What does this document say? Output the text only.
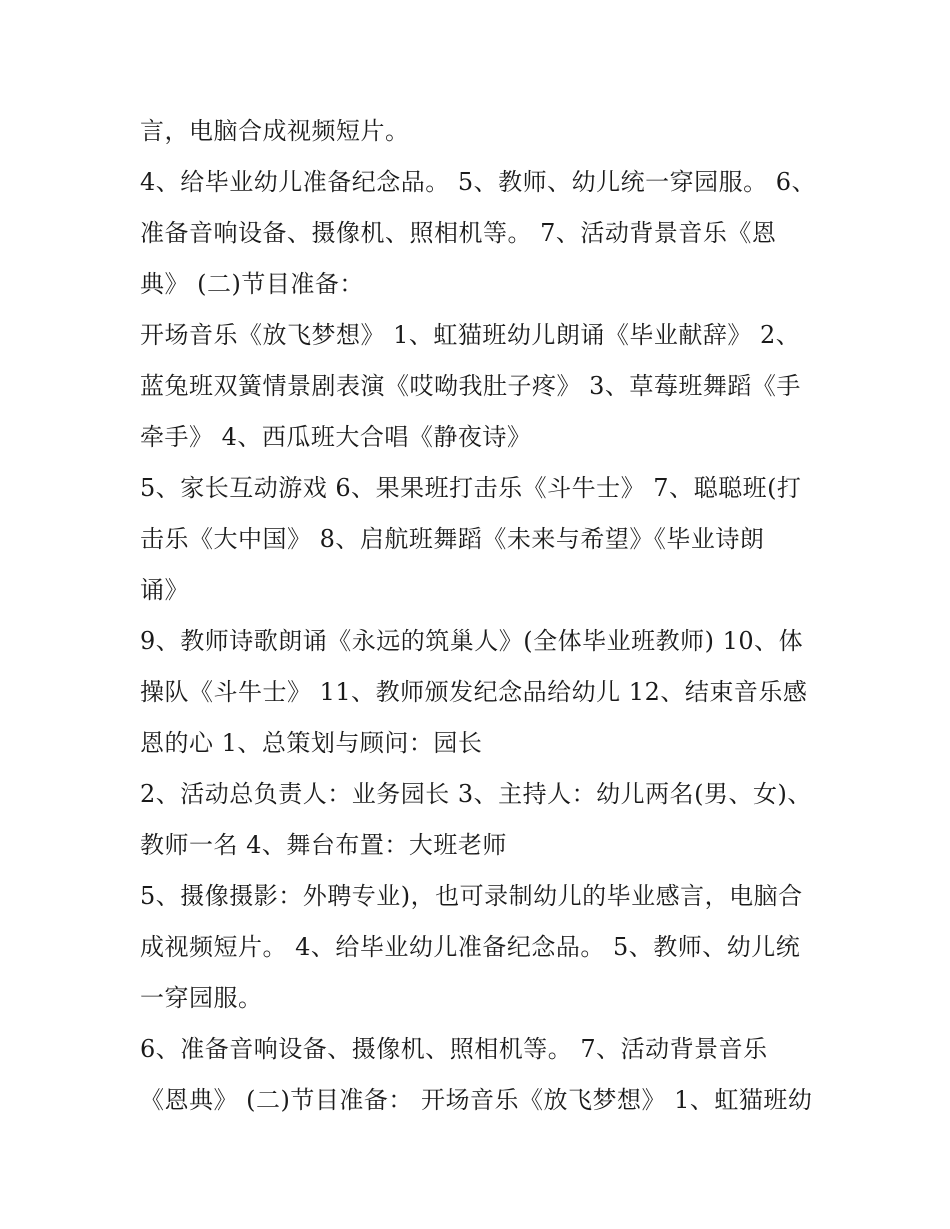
言，电脑合成视频短片。
4、给毕业幼儿准备纪念品。 5、教师、幼儿统一穿园服。 6、
准备音响设备、摄像机、照相机等。 7、活动背景音乐《恩
典》 (二)节目准备：
开场音乐《放飞梦想》 1、虹猫班幼儿朗诵《毕业献辞》 2、
蓝兔班双簧情景剧表演《哎呦我肚子疼》 3、草莓班舞蹈《手
牵手》 4、西瓜班大合唱《静夜诗》
5、家长互动游戏 6、果果班打击乐《斗牛士》 7、聪聪班(打
击乐《大中国》 8、启航班舞蹈《未来与希望》《毕业诗朗
诵》
9、教师诗歌朗诵《永远的筑巢人》(全体毕业班教师) 10、体
操队《斗牛士》 11、教师颁发纪念品给幼儿 12、结束音乐感
恩的心 1、总策划与顾问：园长
2、活动总负责人：业务园长 3、主持人：幼儿两名(男、女)、
教师一名 4、舞台布置：大班老师
5、摄像摄影：外聘专业)，也可录制幼儿的毕业感言，电脑合
成视频短片。 4、给毕业幼儿准备纪念品。 5、教师、幼儿统
一穿园服。
6、准备音响设备、摄像机、照相机等。 7、活动背景音乐
《恩典》 (二)节目准备： 开场音乐《放飞梦想》 1、虹猫班幼
